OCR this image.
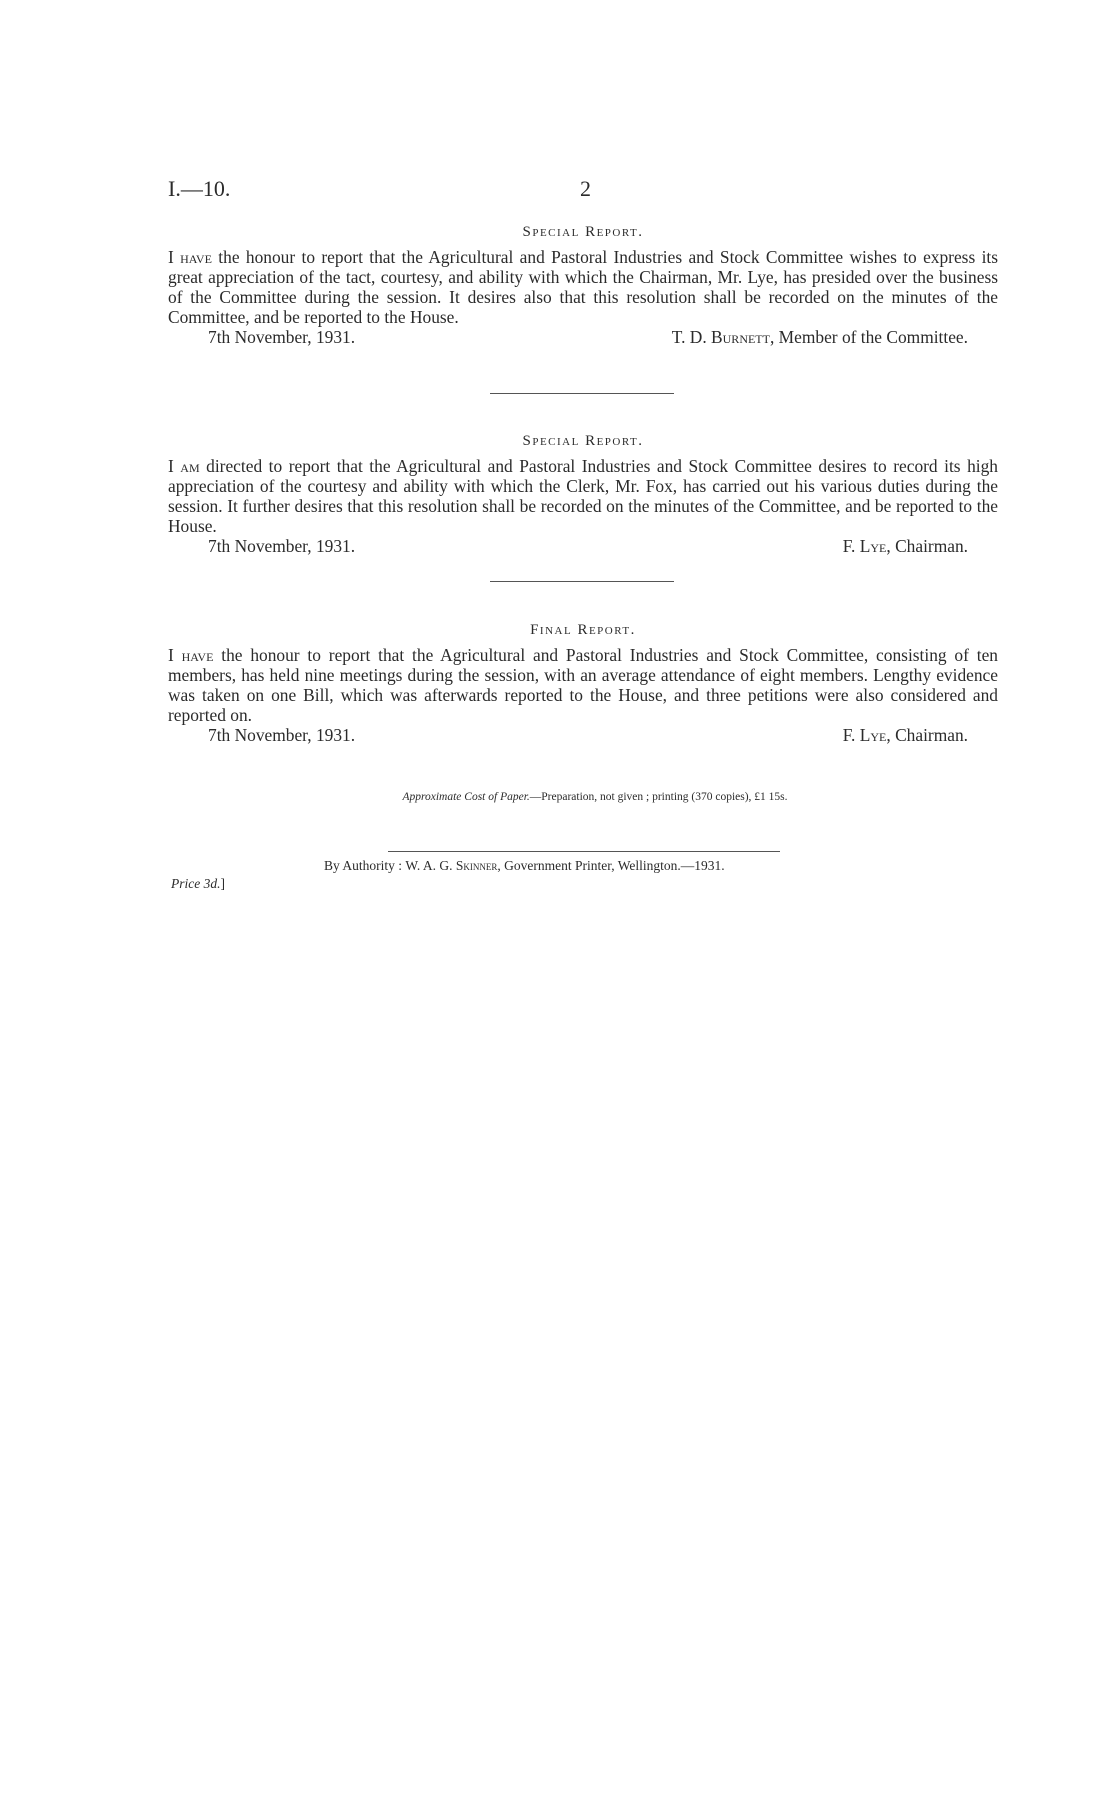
I.—10.	2
Special Report.

I have the honour to report that the Agricultural and Pastoral Industries and Stock Committee wishes to express its great appreciation of the tact, courtesy, and ability with which the Chairman, Mr. Lye, has presided over the business of the Committee during the session. It desires also that this resolution shall be recorded on the minutes of the Committee, and be reported to the House.

7th November, 1931.	T. D. Burnett, Member of the Committee.
Special Report.

I am directed to report that the Agricultural and Pastoral Industries and Stock Committee desires to record its high appreciation of the courtesy and ability with which the Clerk, Mr. Fox, has carried out his various duties during the session. It further desires that this resolution shall be recorded on the minutes of the Committee, and be reported to the House.

7th November, 1931.	F. Lye, Chairman.
Final Report.

I have the honour to report that the Agricultural and Pastoral Industries and Stock Committee, consisting of ten members, has held nine meetings during the session, with an average attendance of eight members. Lengthy evidence was taken on one Bill, which was afterwards reported to the House, and three petitions were also considered and reported on.

7th November, 1931.	F. Lye, Chairman.
Approximate Cost of Paper.—Preparation, not given ; printing (370 copies), £1 15s.
By Authority : W. A. G. Skinner, Government Printer, Wellington.—1931.
Price 3d.]
